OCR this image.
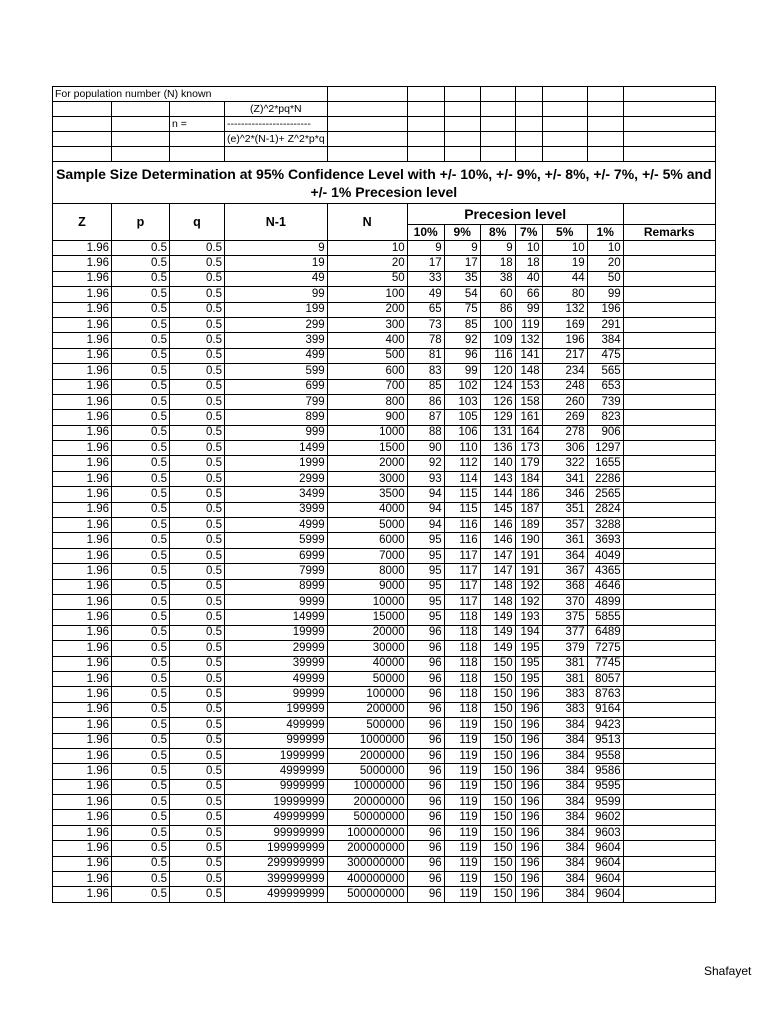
For population number (N) known											
			(Z)^2*pq*N								
		n =	------------------------								
			(e)^2*(N-1)+ Z^2*p*q								

Sample Size Determination at 95% Confidence Level with +/- 10%, +/- 9%, +/- 8%, +/- 7%, +/- 5% and +/- 1% Precesion level											
Z	p	q	N-1	N	Precesion level						
					10%	9%	8%	7%	5%	1%	Remarks
1.96	0.5	0.5	9	10	9	9	9	10	10	10	
1.96	0.5	0.5	19	20	17	17	18	18	19	20	
1.96	0.5	0.5	49	50	33	35	38	40	44	50	
1.96	0.5	0.5	99	100	49	54	60	66	80	99	
1.96	0.5	0.5	199	200	65	75	86	99	132	196	
1.96	0.5	0.5	299	300	73	85	100	119	169	291	
1.96	0.5	0.5	399	400	78	92	109	132	196	384	
1.96	0.5	0.5	499	500	81	96	116	141	217	475	
1.96	0.5	0.5	599	600	83	99	120	148	234	565	
1.96	0.5	0.5	699	700	85	102	124	153	248	653	
1.96	0.5	0.5	799	800	86	103	126	158	260	739	
1.96	0.5	0.5	899	900	87	105	129	161	269	823	
1.96	0.5	0.5	999	1000	88	106	131	164	278	906	
1.96	0.5	0.5	1499	1500	90	110	136	173	306	1297	
1.96	0.5	0.5	1999	2000	92	112	140	179	322	1655	
1.96	0.5	0.5	2999	3000	93	114	143	184	341	2286	
1.96	0.5	0.5	3499	3500	94	115	144	186	346	2565	
1.96	0.5	0.5	3999	4000	94	115	145	187	351	2824	
1.96	0.5	0.5	4999	5000	94	116	146	189	357	3288	
1.96	0.5	0.5	5999	6000	95	116	146	190	361	3693	
1.96	0.5	0.5	6999	7000	95	117	147	191	364	4049	
1.96	0.5	0.5	7999	8000	95	117	147	191	367	4365	
1.96	0.5	0.5	8999	9000	95	117	148	192	368	4646	
1.96	0.5	0.5	9999	10000	95	117	148	192	370	4899	
1.96	0.5	0.5	14999	15000	95	118	149	193	375	5855	
1.96	0.5	0.5	19999	20000	96	118	149	194	377	6489	
1.96	0.5	0.5	29999	30000	96	118	149	195	379	7275	
1.96	0.5	0.5	39999	40000	96	118	150	195	381	7745	
1.96	0.5	0.5	49999	50000	96	118	150	195	381	8057	
1.96	0.5	0.5	99999	100000	96	118	150	196	383	8763	
1.96	0.5	0.5	199999	200000	96	118	150	196	383	9164	
1.96	0.5	0.5	499999	500000	96	119	150	196	384	9423	
1.96	0.5	0.5	999999	1000000	96	119	150	196	384	9513	
1.96	0.5	0.5	1999999	2000000	96	119	150	196	384	9558	
1.96	0.5	0.5	4999999	5000000	96	119	150	196	384	9586	
1.96	0.5	0.5	9999999	10000000	96	119	150	196	384	9595	
1.96	0.5	0.5	19999999	20000000	96	119	150	196	384	9599	
1.96	0.5	0.5	49999999	50000000	96	119	150	196	384	9602	
1.96	0.5	0.5	99999999	100000000	96	119	150	196	384	9603	
1.96	0.5	0.5	199999999	200000000	96	119	150	196	384	9604	
1.96	0.5	0.5	299999999	300000000	96	119	150	196	384	9604	
1.96	0.5	0.5	399999999	400000000	96	119	150	196	384	9604	
1.96	0.5	0.5	499999999	500000000	96	119	150	196	384	9604	
Shafayet
